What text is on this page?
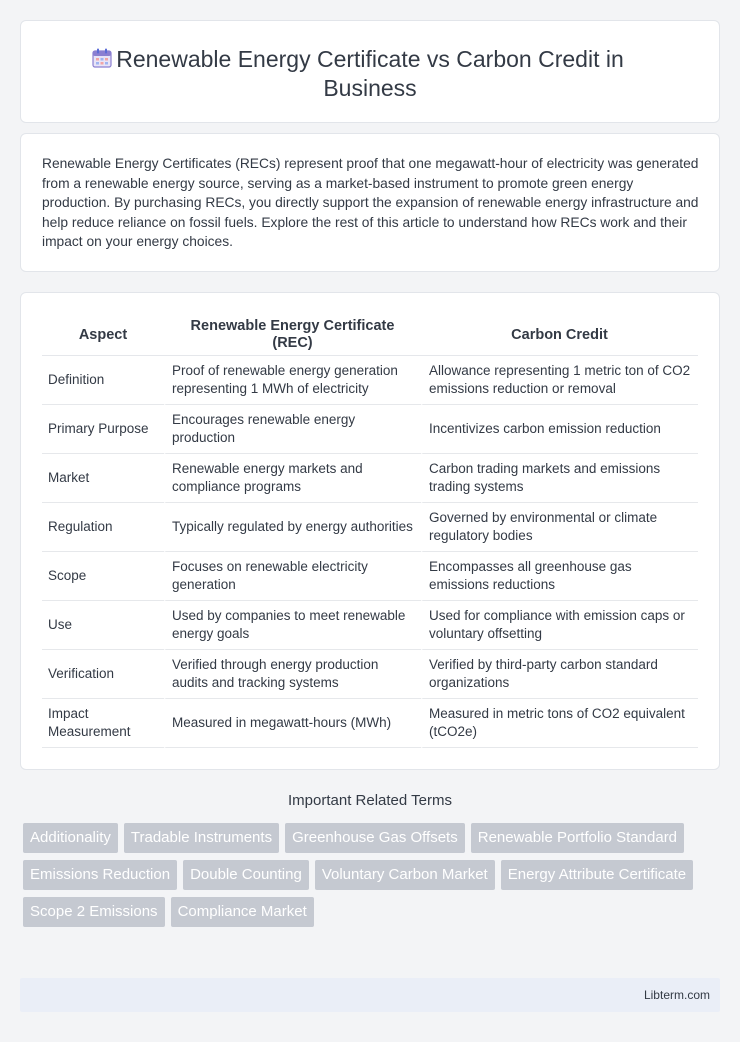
Renewable Energy Certificate vs Carbon Credit in Business

Renewable Energy Certificates (RECs) represent proof that one megawatt-hour of electricity was generated from a renewable energy source, serving as a market-based instrument to promote green energy production. By purchasing RECs, you directly support the expansion of renewable energy infrastructure and help reduce reliance on fossil fuels. Explore the rest of this article to understand how RECs work and their impact on your energy choices.

Aspect	Renewable Energy Certificate (REC)	Carbon Credit
Definition	Proof of renewable energy generation representing 1 MWh of electricity	Allowance representing 1 metric ton of CO2 emissions reduction or removal
Primary Purpose	Encourages renewable energy production	Incentivizes carbon emission reduction
Market	Renewable energy markets and compliance programs	Carbon trading markets and emissions trading systems
Regulation	Typically regulated by energy authorities	Governed by environmental or climate regulatory bodies
Scope	Focuses on renewable electricity generation	Encompasses all greenhouse gas emissions reductions
Use	Used by companies to meet renewable energy goals	Used for compliance with emission caps or voluntary offsetting
Verification	Verified through energy production audits and tracking systems	Verified by third-party carbon standard organizations
Impact Measurement	Measured in megawatt-hours (MWh)	Measured in metric tons of CO2 equivalent (tCO2e)
Important Related Terms
Additionality	Tradable Instruments	Greenhouse Gas Offsets	Renewable Portfolio Standard
Emissions Reduction	Double Counting	Voluntary Carbon Market	Energy Attribute Certificate
Scope 2 Emissions	Compliance Market
Libterm.com
